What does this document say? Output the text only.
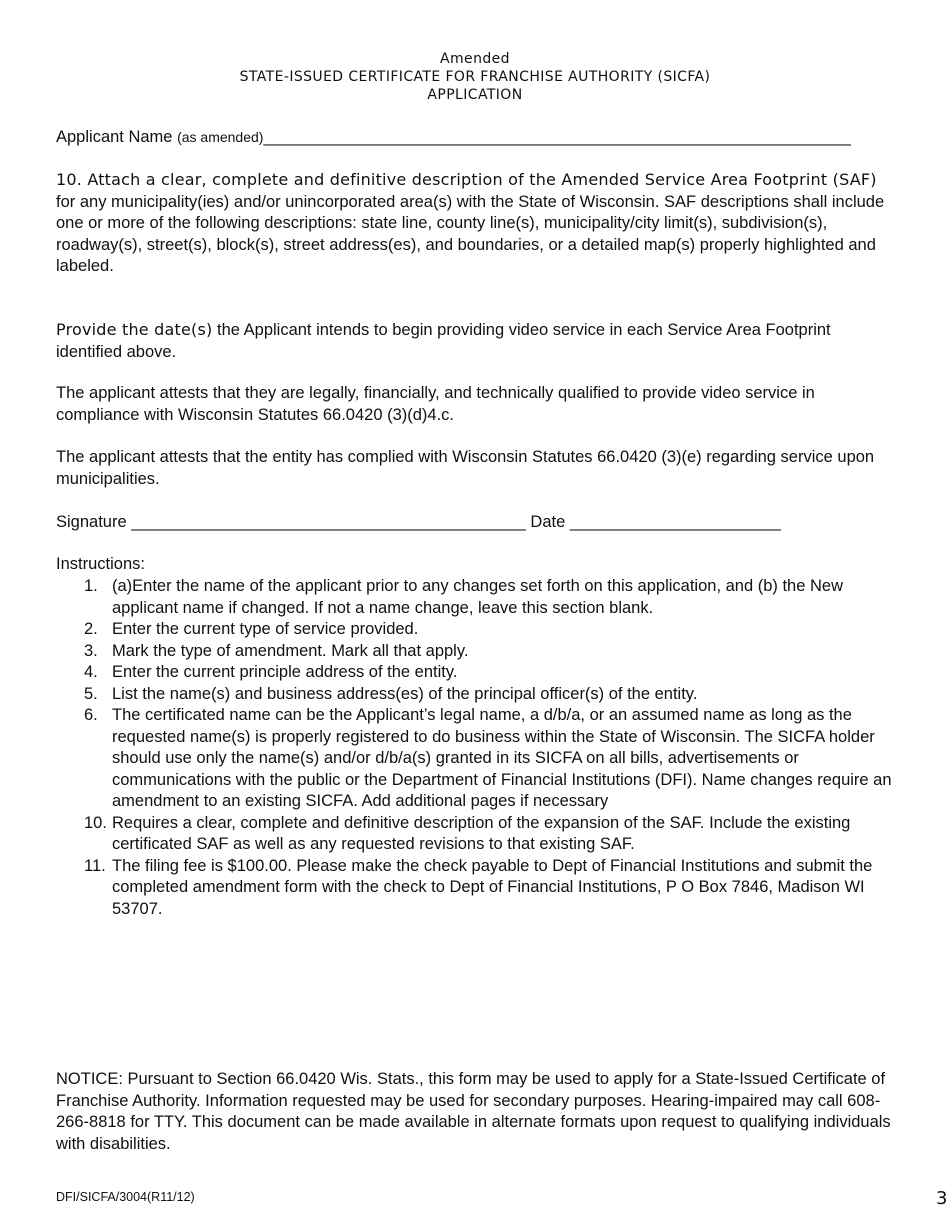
Amended
STATE-ISSUED CERTIFICATE FOR FRANCHISE AUTHORITY (SICFA)
APPLICATION
Applicant Name (as amended)________________________________________________________________
10. Attach a clear, complete and definitive description of the Amended Service Area Footprint (SAF) for any municipality(ies) and/or unincorporated area(s) with the State of Wisconsin. SAF descriptions shall include one or more of the following descriptions: state line, county line(s), municipality/city limit(s), subdivision(s), roadway(s), street(s), block(s), street address(es), and boundaries, or a detailed map(s) properly highlighted and labeled.
Provide the date(s) the Applicant intends to begin providing video service in each Service Area Footprint identified above.
The applicant attests that they are legally, financially, and technically qualified to provide video service in compliance with Wisconsin Statutes 66.0420 (3)(d)4.c.
The applicant attests that the entity has complied with Wisconsin Statutes 66.0420 (3)(e) regarding service upon municipalities.
Signature ___________________________________________ Date _______________________
Instructions:
1. (a)Enter the name of the applicant prior to any changes set forth on this application, and (b) the New applicant name if changed. If not a name change, leave this section blank.
2. Enter the current type of service provided.
3. Mark the type of amendment. Mark all that apply.
4. Enter the current principle address of the entity.
5. List the name(s) and business address(es) of the principal officer(s) of the entity.
6. The certificated name can be the Applicant’s legal name, a d/b/a, or an assumed name as long as the requested name(s) is properly registered to do business within the State of Wisconsin. The SICFA holder should use only the name(s) and/or d/b/a(s) granted in its SICFA on all bills, advertisements or communications with the public or the Department of Financial Institutions (DFI). Name changes require an amendment to an existing SICFA. Add additional pages if necessary
10. Requires a clear, complete and definitive description of the expansion of the SAF. Include the existing certificated SAF as well as any requested revisions to that existing SAF.
11. The filing fee is $100.00. Please make the check payable to Dept of Financial Institutions and submit the completed amendment form with the check to Dept of Financial Institutions, P O Box 7846, Madison WI 53707.
NOTICE: Pursuant to Section 66.0420 Wis. Stats., this form may be used to apply for a State-Issued Certificate of Franchise Authority. Information requested may be used for secondary purposes. Hearing-impaired may call 608-266-8818 for TTY. This document can be made available in alternate formats upon request to qualifying individuals with disabilities.
DFI/SICFA/3004(R11/12)	3
